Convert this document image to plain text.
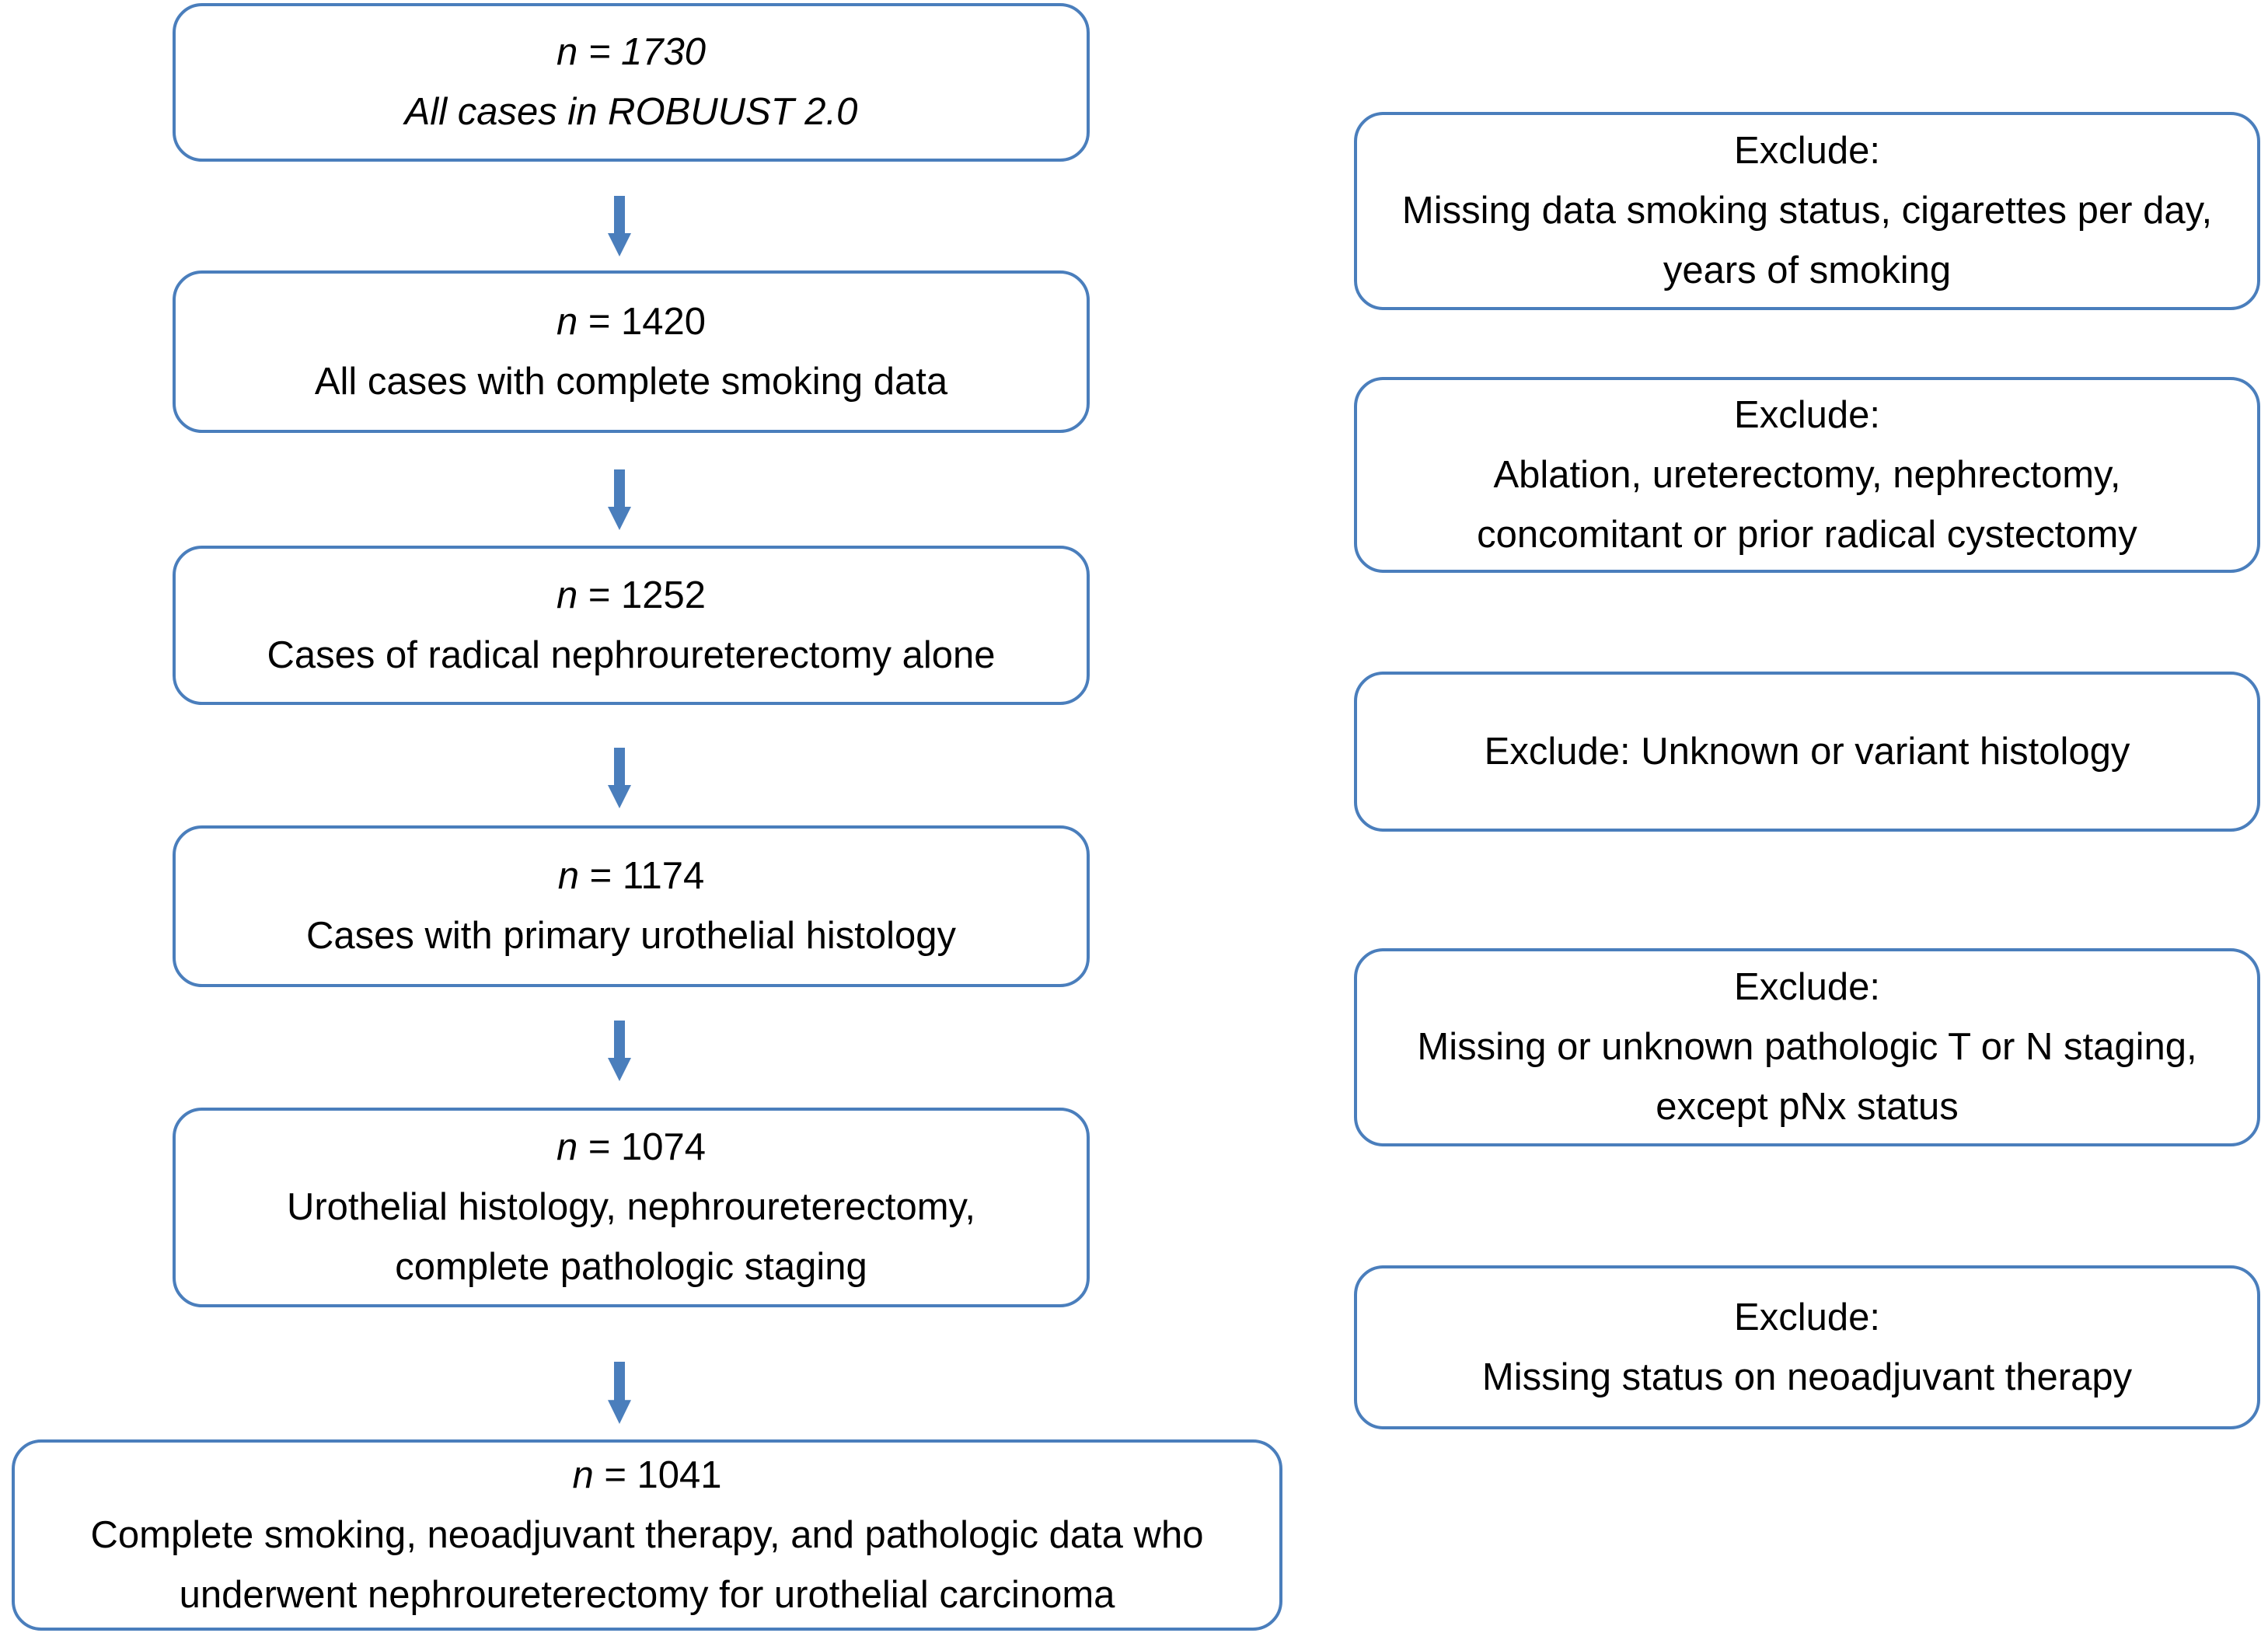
n = 1730
All cases in ROBUUST 2.0
n = 1420
All cases with complete smoking data
n = 1252
Cases of radical nephroureterectomy alone
n = 1174
Cases with primary urothelial histology
n = 1074
Urothelial histology, nephroureterectomy, complete pathologic staging
n = 1041
Complete smoking, neoadjuvant therapy, and pathologic data who underwent nephroureterectomy for urothelial carcinoma
Exclude:
Missing data smoking status, cigarettes per day, years of smoking
Exclude:
Ablation, ureterectomy, nephrectomy, concomitant or prior radical cystectomy
Exclude: Unknown or variant histology
Exclude:
Missing or unknown pathologic T or N staging, except pNx status
Exclude:
Missing status on neoadjuvant therapy
